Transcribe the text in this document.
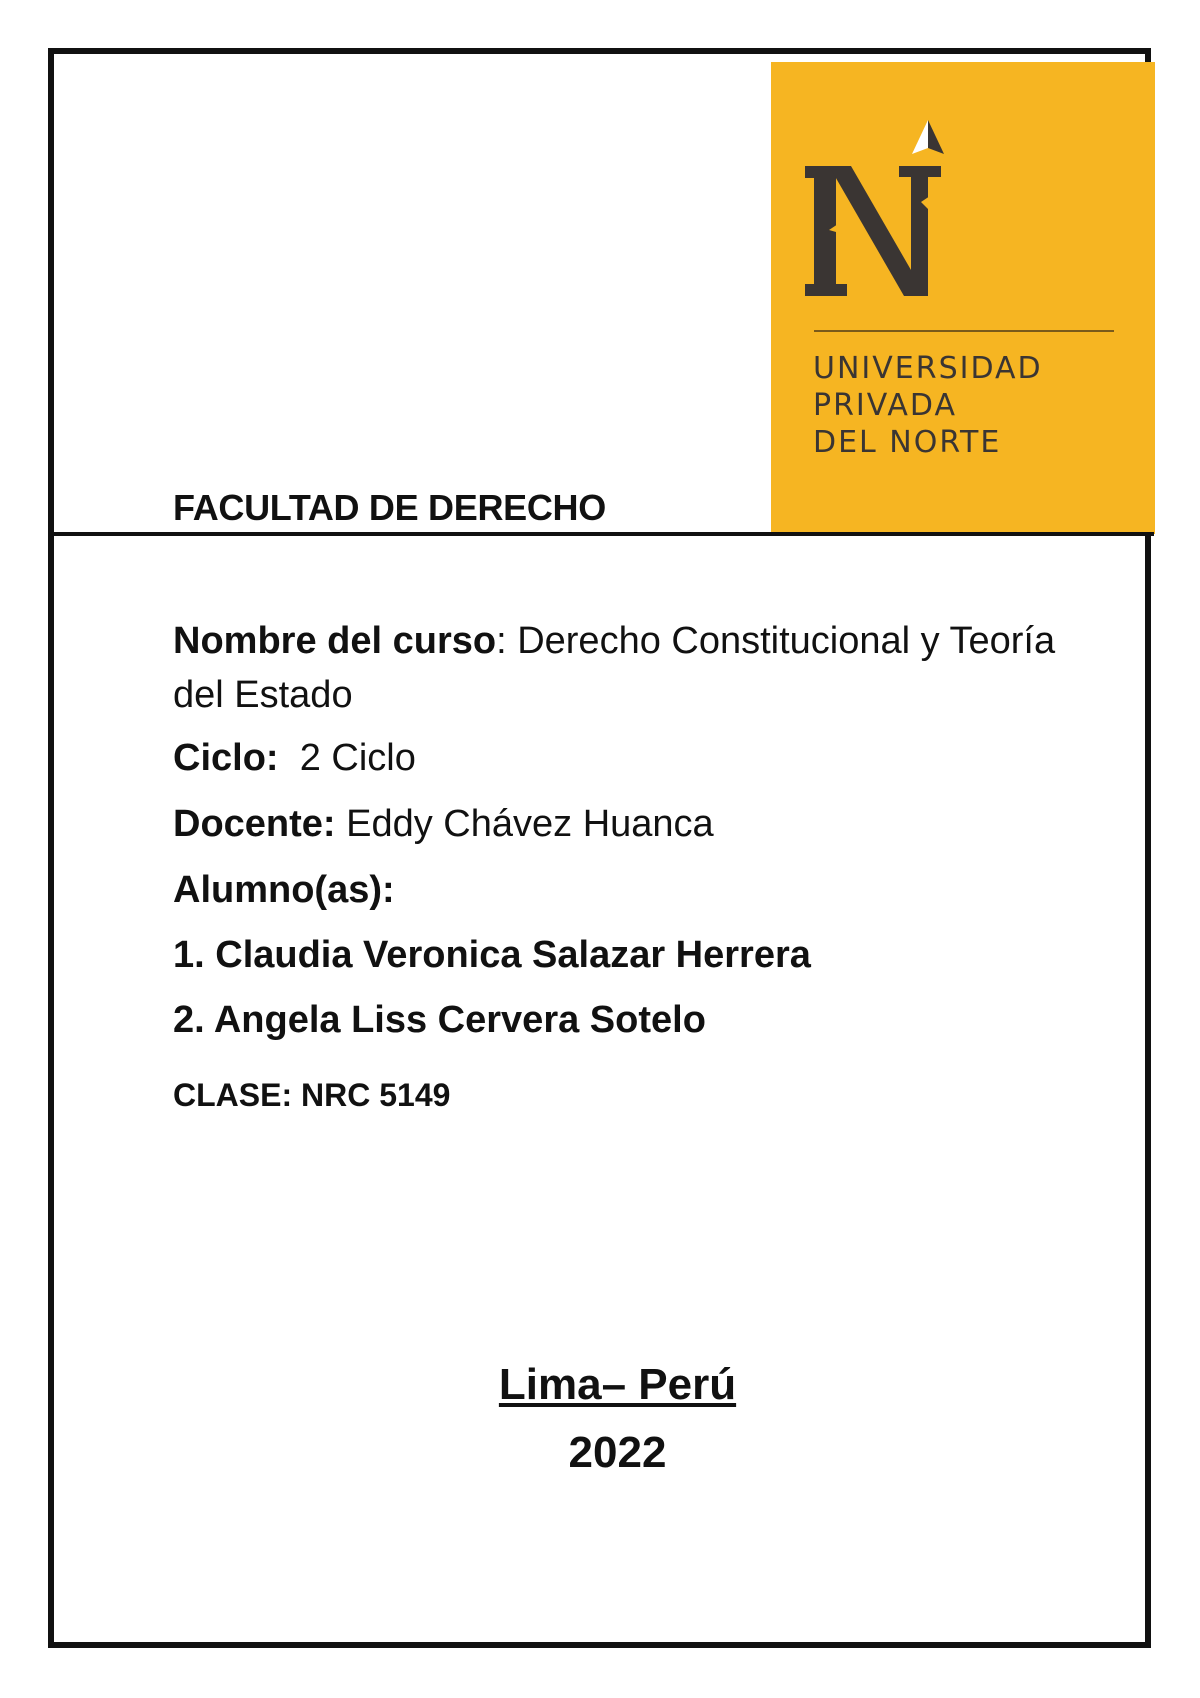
UNIVERSIDAD
PRIVADA
DEL NORTE
FACULTAD DE DERECHO
Nombre del curso: Derecho Constitucional y Teoría del Estado
Ciclo: 2 Ciclo
Docente: Eddy Chávez Huanca
Alumno(as):
1. Claudia Veronica Salazar Herrera
2. Angela Liss Cervera Sotelo
CLASE: NRC 5149
Lima– Perú
2022
